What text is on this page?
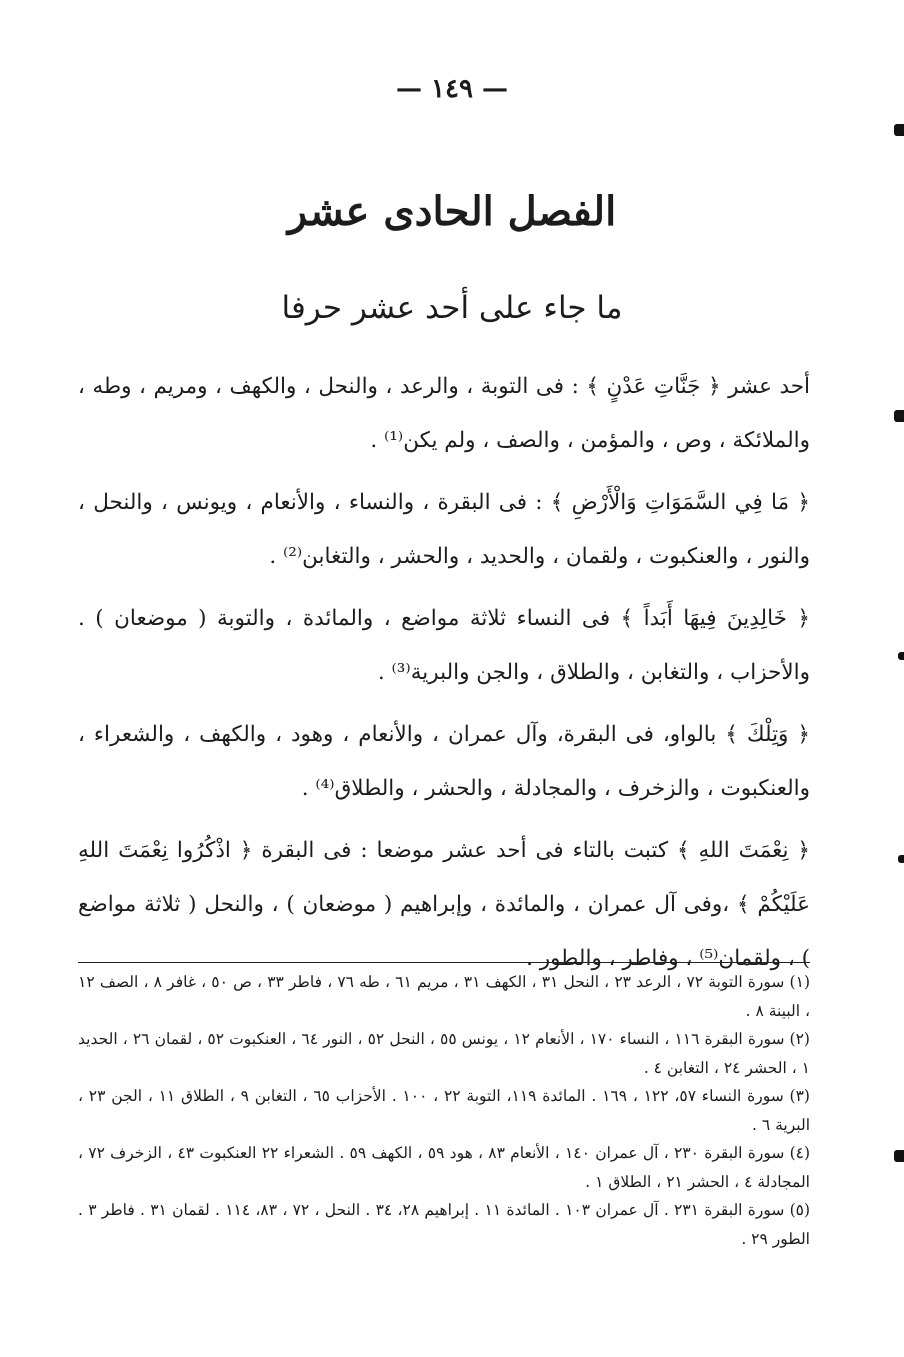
— ١٤٩ —
الفصل الحادى عشر
ما جاء على أحد عشر حرفا

أحد عشر ﴿ جَنَّاتِ عَدْنٍ ﴾ : فى التوبة ، والرعد ، والنحل ، والكهف ، ومريم ، وطه ، والملائكة ، وص ، والمؤمن ، والصف ، ولم يكن⁽¹⁾ .

﴿ مَا فِي السَّمَوَاتِ وَالْأَرْضِ ﴾ : فى البقرة ، والنساء ، والأنعام ، ويونس ، والنحل ، والنور ، والعنكبوت ، ولقمان ، والحديد ، والحشر ، والتغابن⁽²⁾ .

﴿ خَالِدِينَ فِيهَا أَبَداً ﴾ فى النساء ثلاثة مواضع ، والمائدة ، والتوبة ( موضعان ) . والأحزاب ، والتغابن ، والطلاق ، والجن والبرية⁽³⁾ .

﴿ وَتِلْكَ ﴾ بالواو، فى البقرة، وآل عمران ، والأنعام ، وهود ، والكهف ، والشعراء ، والعنكبوت ، والزخرف ، والمجادلة ، والحشر ، والطلاق⁽⁴⁾ .

﴿ نِعْمَتَ اللهِ ﴾ كتبت بالتاء فى أحد عشر موضعا : فى البقرة ﴿ اذْكُرُوا نِعْمَتَ اللهِ عَلَيْكُمْ ﴾ ،وفى آل عمران ، والمائدة ، وإبراهيم ( موضعان ) ، والنحل ( ثلاثة مواضع ) ، ولقمان⁽⁵⁾ ، وفاطر ، والطور .

(١) سورة التوبة ٧٢ ، الرعد ٢٣ ، النحل ٣١ ، الكهف ٣١ ، مريم ٦١ ، طه ٧٦ ، فاطر ٣٣ ، ص ٥٠ ، غافر ٨ ، الصف ١٢ ، البينة ٨ .

(٢) سورة البقرة ١١٦ ، النساء ١٧٠ ، الأنعام ١٢ ، يونس ٥٥ ، النحل ٥٢ ، النور ٦٤ ، العنكبوت ٥٢ ، لقمان ٢٦ ، الحديد ١ ، الحشر ٢٤ ، التغابن ٤ .

(٣) سورة النساء ٥٧، ١٢٢ ، ١٦٩ . المائدة ١١٩، التوبة ٢٢ ، ١٠٠ . الأحزاب ٦٥ ، التغابن ٩ ، الطلاق ١١ ، الجن ٢٣ ، البرية ٦ .

(٤) سورة البقرة ٢٣٠ ، آل عمران ١٤٠ ، الأنعام ٨٣ ، هود ٥٩ ، الكهف ٥٩ . الشعراء ٢٢ العنكبوت ٤٣ ، الزخرف ٧٢ ، المجادلة ٤ ، الحشر ٢١ ، الطلاق ١ .

(٥) سورة البقرة ٢٣١ . آل عمران ١٠٣ . المائدة ١١ . إبراهيم ٢٨، ٣٤ . النحل ، ٧٢ ، ٨٣، ١١٤ . لقمان ٣١ . فاطر ٣ . الطور ٢٩ .
